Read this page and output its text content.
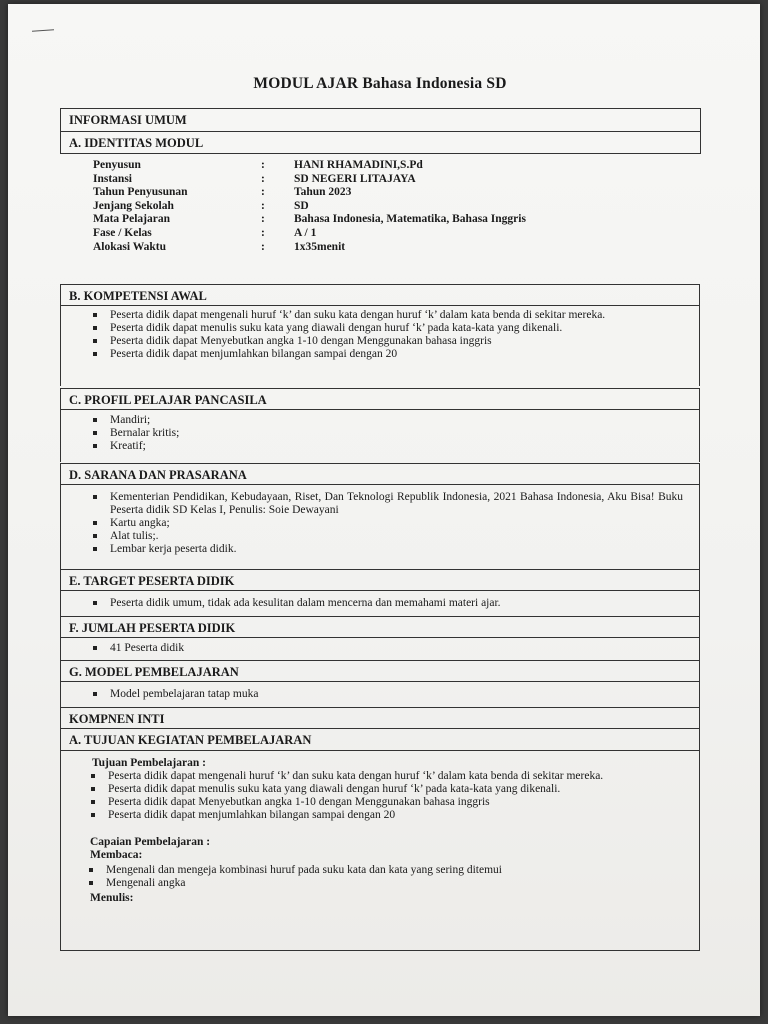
MODUL AJAR Bahasa Indonesia SD
INFORMASI UMUM
A. IDENTITAS MODUL
Penyusun	:	HANI RHAMADINI,S.Pd
Instansi	:	SD NEGERI LITAJAYA
Tahun Penyusunan	:	Tahun 2023
Jenjang Sekolah	:	SD
Mata Pelajaran	:	Bahasa Indonesia, Matematika, Bahasa Inggris
Fase / Kelas	:	A / 1
Alokasi Waktu	:	1x35menit
B. KOMPETENSI AWAL
Peserta didik dapat mengenali huruf ‘k’ dan suku kata dengan huruf ‘k’ dalam kata benda di sekitar mereka.
Peserta didik dapat menulis suku kata yang diawali dengan huruf ‘k’ pada kata-kata yang dikenali.
Peserta didik dapat Menyebutkan angka 1-10 dengan Menggunakan bahasa inggris
Peserta didik dapat menjumlahkan bilangan sampai dengan 20
C. PROFIL PELAJAR PANCASILA
Mandiri;
Bernalar kritis;
Kreatif;
D. SARANA DAN PRASARANA
Kementerian Pendidikan, Kebudayaan, Riset, Dan Teknologi Republik Indonesia, 2021 Bahasa Indonesia, Aku Bisa! Buku Peserta didik SD Kelas I, Penulis: Soie Dewayani
Kartu angka;
Alat tulis;.
Lembar kerja peserta didik.
E. TARGET PESERTA DIDIK
Peserta didik umum, tidak ada kesulitan dalam mencerna dan memahami materi ajar.
F. JUMLAH PESERTA DIDIK
41 Peserta didik
G. MODEL PEMBELAJARAN
Model pembelajaran tatap muka
KOMPNEN INTI
A. TUJUAN KEGIATAN PEMBELAJARAN
Tujuan Pembelajaran :
Peserta didik dapat mengenali huruf ‘k’ dan suku kata dengan huruf ‘k’ dalam kata benda di sekitar mereka.
Peserta didik dapat menulis suku kata yang diawali dengan huruf ‘k’ pada kata-kata yang dikenali.
Peserta didik dapat Menyebutkan angka 1-10 dengan Menggunakan bahasa inggris
Peserta didik dapat menjumlahkan bilangan sampai dengan 20
Capaian Pembelajaran :
Membaca:
Mengenali dan mengeja kombinasi huruf pada suku kata dan kata yang sering ditemui
Mengenali angka
Menulis:
